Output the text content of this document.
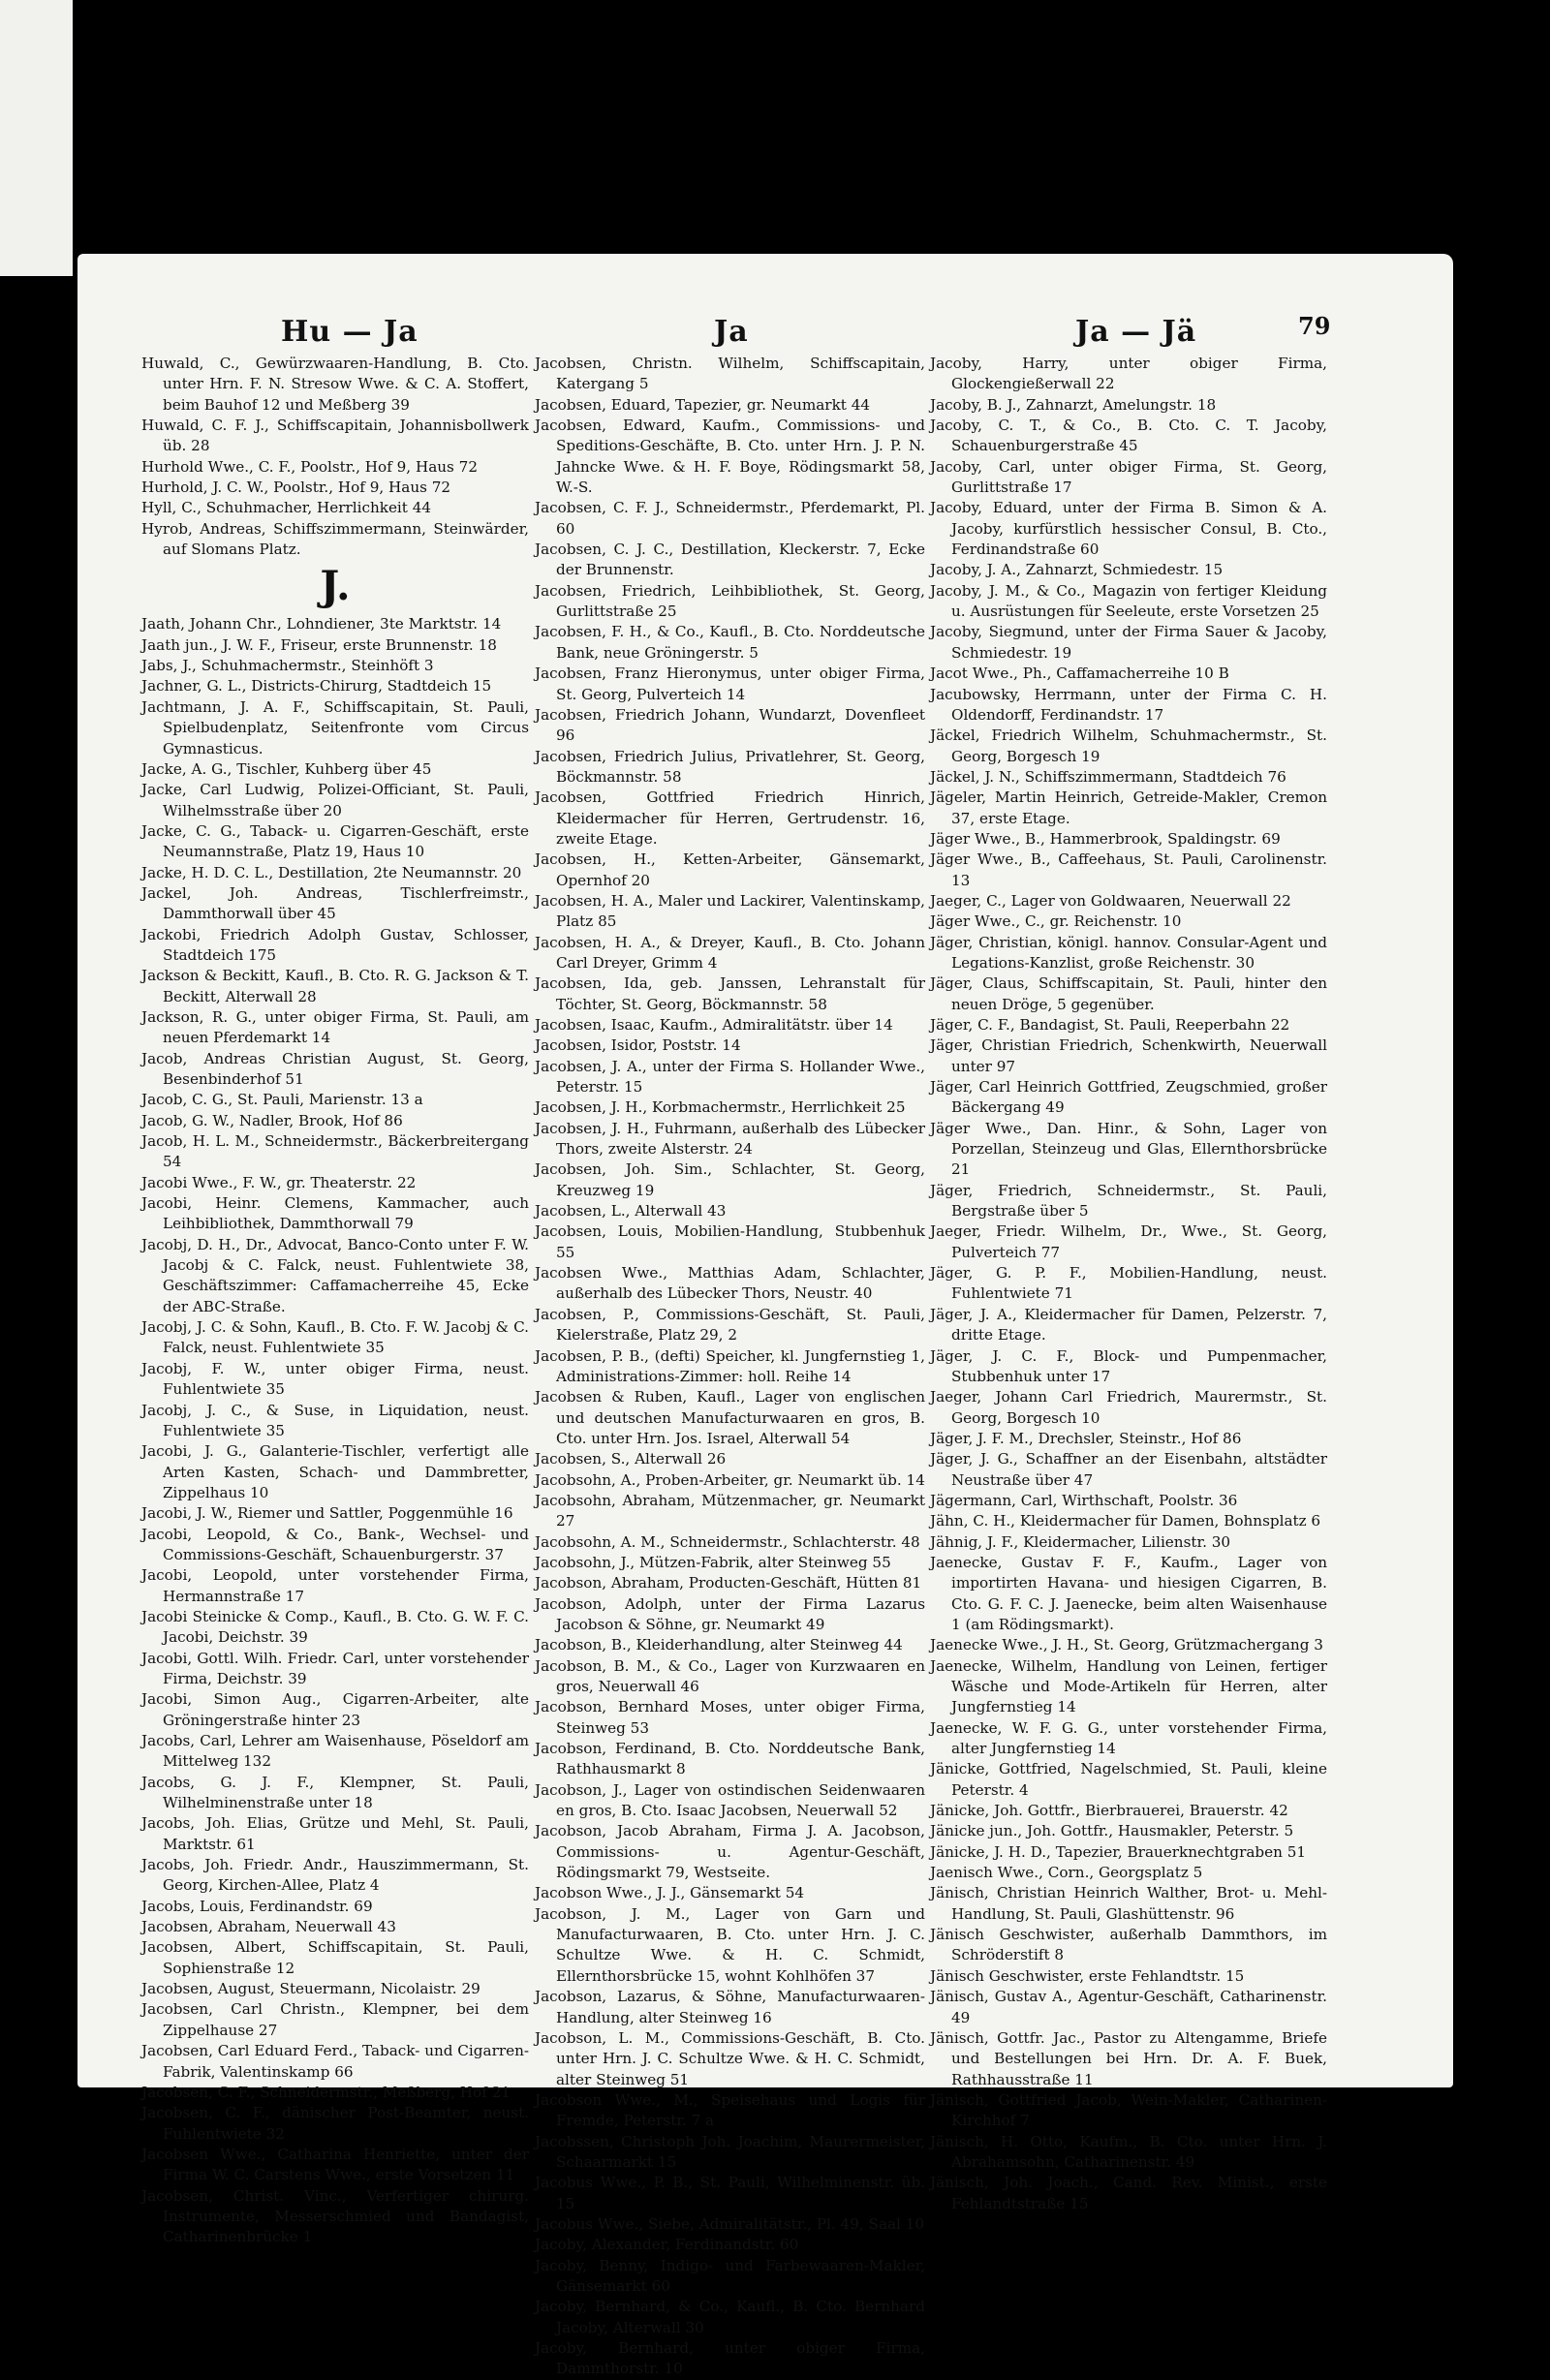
Hu — Ja	Ja	Ja — Jä	79

Huwald, C., Gewürzwaaren-Handlung, B. Cto. unter Hrn. F. N. Stresow Wwe. & C. A. Stoffert, beim Bauhof 12 und Meßberg 39

Huwald, C. F. J., Schiffscapitain, Johannisbollwerk üb. 28

Hurhold Wwe., C. F., Poolstr., Hof 9, Haus 72

Hurhold, J. C. W., Poolstr., Hof 9, Haus 72

Hyll, C., Schuhmacher, Herrlichkeit 44

Hyrob, Andreas, Schiffszimmermann, Steinwärder, auf Slomans Platz.

J.

Jaath, Johann Chr., Lohndiener, 3te Marktstr. 14

Jaath jun., J. W. F., Friseur, erste Brunnenstr. 18

Jabs, J., Schuhmachermstr., Steinhöft 3

Jachner, G. L., Districts-Chirurg, Stadtdeich 15

Jachtmann, J. A. F., Schiffscapitain, St. Pauli, Spielbudenplatz, Seitenfronte vom Circus Gymnasticus.

Jacke, A. G., Tischler, Kuhberg über 45

Jacke, Carl Ludwig, Polizei-Officiant, St. Pauli, Wilhelmsstraße über 20

Jacke, C. G., Taback- u. Cigarren-Geschäft, erste Neumannstraße, Platz 19, Haus 10

Jacke, H. D. C. L., Destillation, 2te Neumannstr. 20

Jackel, Joh. Andreas, Tischlerfreimstr., Dammthorwall über 45

Jackobi, Friedrich Adolph Gustav, Schlosser, Stadtdeich 175

Jackson & Beckitt, Kaufl., B. Cto. R. G. Jackson & T. Beckitt, Alterwall 28

Jackson, R. G., unter obiger Firma, St. Pauli, am neuen Pferdemarkt 14

Jacob, Andreas Christian August, St. Georg, Besenbinderhof 51

Jacob, C. G., St. Pauli, Marienstr. 13 a

Jacob, G. W., Nadler, Brook, Hof 86

Jacob, H. L. M., Schneidermstr., Bäckerbreitergang 54

Jacobi Wwe., F. W., gr. Theaterstr. 22

Jacobi, Heinr. Clemens, Kammacher, auch Leihbibliothek, Dammthorwall 79

Jacobj, D. H., Dr., Advocat, Banco-Conto unter F. W. Jacobj & C. Falck, neust. Fuhlentwiete 38, Geschäftszimmer: Caffamacherreihe 45, Ecke der ABC-Straße.

Jacobj, J. C. & Sohn, Kaufl., B. Cto. F. W. Jacobj & C. Falck, neust. Fuhlentwiete 35

Jacobj, F. W., unter obiger Firma, neust. Fuhlentwiete 35

Jacobj, J. C., & Suse, in Liquidation, neust. Fuhlentwiete 35

Jacobi, J. G., Galanterie-Tischler, verfertigt alle Arten Kasten, Schach- und Dammbretter, Zippelhaus 10

Jacobi, J. W., Riemer und Sattler, Poggenmühle 16

Jacobi, Leopold, & Co., Bank-, Wechsel- und Commissions-Geschäft, Schauenburgerstr. 37

Jacobi, Leopold, unter vorstehender Firma, Hermannstraße 17

Jacobi Steinicke & Comp., Kaufl., B. Cto. G. W. F. C. Jacobi, Deichstr. 39

Jacobi, Gottl. Wilh. Friedr. Carl, unter vorstehender Firma, Deichstr. 39

Jacobi, Simon Aug., Cigarren-Arbeiter, alte Gröningerstraße hinter 23

Jacobs, Carl, Lehrer am Waisenhause, Pöseldorf am Mittelweg 132

Jacobs, G. J. F., Klempner, St. Pauli, Wilhelminenstraße unter 18

Jacobs, Joh. Elias, Grütze und Mehl, St. Pauli, Marktstr. 61

Jacobs, Joh. Friedr. Andr., Hauszimmermann, St. Georg, Kirchen-Allee, Platz 4

Jacobs, Louis, Ferdinandstr. 69

Jacobsen, Abraham, Neuerwall 43

Jacobsen, Albert, Schiffscapitain, St. Pauli, Sophienstraße 12

Jacobsen, August, Steuermann, Nicolaistr. 29

Jacobsen, Carl Christn., Klempner, bei dem Zippelhause 27

Jacobsen, Carl Eduard Ferd., Taback- und Cigarren-Fabrik, Valentinskamp 66

Jacobsen, C. F., Schneidermstr., Meßberg, Hof 21

Jacobsen, C. F., dänischer Post-Beamter, neust. Fuhlentwiete 32

Jacobsen Wwe., Catharina Henriette, unter der Firma W. C. Carstens Wwe., erste Vorsetzen 11

Jacobsen, Christ. Vinc., Verfertiger chirurg. Instrumente, Messerschmied und Bandagist, Catharinenbrücke 1

Jacobsen, Christn. Wilhelm, Schiffscapitain, Katergang 5

Jacobsen, Eduard, Tapezier, gr. Neumarkt 44

Jacobsen, Edward, Kaufm., Commissions- und Speditions-Geschäfte, B. Cto. unter Hrn. J. P. N. Jahncke Wwe. & H. F. Boye, Rödingsmarkt 58, W.-S.

Jacobsen, C. F. J., Schneidermstr., Pferdemarkt, Pl. 60

Jacobsen, C. J. C., Destillation, Kleckerstr. 7, Ecke der Brunnenstr.

Jacobsen, Friedrich, Leihbibliothek, St. Georg, Gurlittstraße 25

Jacobsen, F. H., & Co., Kaufl., B. Cto. Norddeutsche Bank, neue Gröningerstr. 5

Jacobsen, Franz Hieronymus, unter obiger Firma, St. Georg, Pulverteich 14

Jacobsen, Friedrich Johann, Wundarzt, Dovenfleet 96

Jacobsen, Friedrich Julius, Privatlehrer, St. Georg, Böckmannstr. 58

Jacobsen, Gottfried Friedrich Hinrich, Kleidermacher für Herren, Gertrudenstr. 16, zweite Etage.

Jacobsen, H., Ketten-Arbeiter, Gänsemarkt, Opernhof 20

Jacobsen, H. A., Maler und Lackirer, Valentinskamp, Platz 85

Jacobsen, H. A., & Dreyer, Kaufl., B. Cto. Johann Carl Dreyer, Grimm 4

Jacobsen, Ida, geb. Janssen, Lehranstalt für Töchter, St. Georg, Böckmannstr. 58

Jacobsen, Isaac, Kaufm., Admiralitätstr. über 14

Jacobsen, Isidor, Poststr. 14

Jacobsen, J. A., unter der Firma S. Hollander Wwe., Peterstr. 15

Jacobsen, J. H., Korbmachermstr., Herrlichkeit 25

Jacobsen, J. H., Fuhrmann, außerhalb des Lübecker Thors, zweite Alsterstr. 24

Jacobsen, Joh. Sim., Schlachter, St. Georg, Kreuzweg 19

Jacobsen, L., Alterwall 43

Jacobsen, Louis, Mobilien-Handlung, Stubbenhuk 55

Jacobsen Wwe., Matthias Adam, Schlachter, außerhalb des Lübecker Thors, Neustr. 40

Jacobsen, P., Commissions-Geschäft, St. Pauli, Kielerstraße, Platz 29, 2

Jacobsen, P. B., (defti) Speicher, kl. Jungfernstieg 1, Administrations-Zimmer: holl. Reihe 14

Jacobsen & Ruben, Kaufl., Lager von englischen und deutschen Manufacturwaaren en gros, B. Cto. unter Hrn. Jos. Israel, Alterwall 54

Jacobsen, S., Alterwall 26

Jacobsohn, A., Proben-Arbeiter, gr. Neumarkt üb. 14

Jacobsohn, Abraham, Mützenmacher, gr. Neumarkt 27

Jacobsohn, A. M., Schneidermstr., Schlachterstr. 48

Jacobsohn, J., Mützen-Fabrik, alter Steinweg 55

Jacobson, Abraham, Producten-Geschäft, Hütten 81

Jacobson, Adolph, unter der Firma Lazarus Jacobson & Söhne, gr. Neumarkt 49

Jacobson, B., Kleiderhandlung, alter Steinweg 44

Jacobson, B. M., & Co., Lager von Kurzwaaren en gros, Neuerwall 46

Jacobson, Bernhard Moses, unter obiger Firma, Steinweg 53

Jacobson, Ferdinand, B. Cto. Norddeutsche Bank, Rathhausmarkt 8

Jacobson, J., Lager von ostindischen Seidenwaaren en gros, B. Cto. Isaac Jacobsen, Neuerwall 52

Jacobson, Jacob Abraham, Firma J. A. Jacobson, Commissions- u. Agentur-Geschäft, Rödingsmarkt 79, Westseite.

Jacobson Wwe., J. J., Gänsemarkt 54

Jacobson, J. M., Lager von Garn und Manufacturwaaren, B. Cto. unter Hrn. J. C. Schultze Wwe. & H. C. Schmidt, Ellernthorsbrücke 15, wohnt Kohlhöfen 37

Jacobson, Lazarus, & Söhne, Manufacturwaaren-Handlung, alter Steinweg 16

Jacobson, L. M., Commissions-Geschäft, B. Cto. unter Hrn. J. C. Schultze Wwe. & H. C. Schmidt, alter Steinweg 51

Jacobson Wwe., M., Speisehaus und Logis für Fremde, Peterstr. 7 a

Jacobssen, Christoph Joh. Joachim, Maurermeister, Schaarmarkt 15

Jacobus Wwe., P. B., St. Pauli, Wilhelminenstr. üb. 15

Jacobus Wwe., Siebe, Admiralitätstr., Pl. 49, Saal 10

Jacoby, Alexander, Ferdinandstr. 60

Jacoby, Benny, Indigo- und Farbewaaren-Makler, Gänsemarkt 60

Jacoby, Bernhard, & Co., Kaufl., B. Cto. Bernhard Jacoby, Alterwall 30

Jacoby, Bernhard, unter obiger Firma, Dammthorstr. 10

Jacoby, Harry, unter obiger Firma, Glockengießerwall 22

Jacoby, B. J., Zahnarzt, Amelungstr. 18

Jacoby, C. T., & Co., B. Cto. C. T. Jacoby, Schauenburgerstraße 45

Jacoby, Carl, unter obiger Firma, St. Georg, Gurlittstraße 17

Jacoby, Eduard, unter der Firma B. Simon & A. Jacoby, kurfürstlich hessischer Consul, B. Cto., Ferdinandstraße 60

Jacoby, J. A., Zahnarzt, Schmiedestr. 15

Jacoby, J. M., & Co., Magazin von fertiger Kleidung u. Ausrüstungen für Seeleute, erste Vorsetzen 25

Jacoby, Siegmund, unter der Firma Sauer & Jacoby, Schmiedestr. 19

Jacot Wwe., Ph., Caffamacherreihe 10 B

Jacubowsky, Herrmann, unter der Firma C. H. Oldendorff, Ferdinandstr. 17

Jäckel, Friedrich Wilhelm, Schuhmachermstr., St. Georg, Borgesch 19

Jäckel, J. N., Schiffszimmermann, Stadtdeich 76

Jägeler, Martin Heinrich, Getreide-Makler, Cremon 37, erste Etage.

Jäger Wwe., B., Hammerbrook, Spaldingstr. 69

Jäger Wwe., B., Caffeehaus, St. Pauli, Carolinenstr. 13

Jaeger, C., Lager von Goldwaaren, Neuerwall 22

Jäger Wwe., C., gr. Reichenstr. 10

Jäger, Christian, königl. hannov. Consular-Agent und Legations-Kanzlist, große Reichenstr. 30

Jäger, Claus, Schiffscapitain, St. Pauli, hinter den neuen Dröge, 5 gegenüber.

Jäger, C. F., Bandagist, St. Pauli, Reeperbahn 22

Jäger, Christian Friedrich, Schenkwirth, Neuerwall unter 97

Jäger, Carl Heinrich Gottfried, Zeugschmied, großer Bäckergang 49

Jäger Wwe., Dan. Hinr., & Sohn, Lager von Porzellan, Steinzeug und Glas, Ellernthorsbrücke 21

Jäger, Friedrich, Schneidermstr., St. Pauli, Bergstraße über 5

Jaeger, Friedr. Wilhelm, Dr., Wwe., St. Georg, Pulverteich 77

Jäger, G. P. F., Mobilien-Handlung, neust. Fuhlentwiete 71

Jäger, J. A., Kleidermacher für Damen, Pelzerstr. 7, dritte Etage.

Jäger, J. C. F., Block- und Pumpenmacher, Stubbenhuk unter 17

Jaeger, Johann Carl Friedrich, Maurermstr., St. Georg, Borgesch 10

Jäger, J. F. M., Drechsler, Steinstr., Hof 86

Jäger, J. G., Schaffner an der Eisenbahn, altstädter Neustraße über 47

Jägermann, Carl, Wirthschaft, Poolstr. 36

Jähn, C. H., Kleidermacher für Damen, Bohnsplatz 6

Jähnig, J. F., Kleidermacher, Lilienstr. 30

Jaenecke, Gustav F. F., Kaufm., Lager von importirten Havana- und hiesigen Cigarren, B. Cto. G. F. C. J. Jaenecke, beim alten Waisenhause 1 (am Rödingsmarkt).

Jaenecke Wwe., J. H., St. Georg, Grützmachergang 3

Jaenecke, Wilhelm, Handlung von Leinen, fertiger Wäsche und Mode-Artikeln für Herren, alter Jungfernstieg 14

Jaenecke, W. F. G. G., unter vorstehender Firma, alter Jungfernstieg 14

Jänicke, Gottfried, Nagelschmied, St. Pauli, kleine Peterstr. 4

Jänicke, Joh. Gottfr., Bierbrauerei, Brauerstr. 42

Jänicke jun., Joh. Gottfr., Hausmakler, Peterstr. 5

Jänicke, J. H. D., Tapezier, Brauerknechtgraben 51

Jaenisch Wwe., Corn., Georgsplatz 5

Jänisch, Christian Heinrich Walther, Brot- u. Mehl-Handlung, St. Pauli, Glashüttenstr. 96

Jänisch Geschwister, außerhalb Dammthors, im Schröderstift 8

Jänisch Geschwister, erste Fehlandtstr. 15

Jänisch, Gustav A., Agentur-Geschäft, Catharinenstr. 49

Jänisch, Gottfr. Jac., Pastor zu Altengamme, Briefe und Bestellungen bei Hrn. Dr. A. F. Buek, Rathhausstraße 11

Jänisch, Gottfried Jacob, Wein-Makler, Catharinen-Kirchhof 7

Jänisch, H. Otto, Kaufm., B. Cto. unter Hrn. J. Abrahamsohn, Catharinenstr. 49

Jänisch, Joh. Joach., Cand. Rev. Minist., erste Fehlandtstraße 15
